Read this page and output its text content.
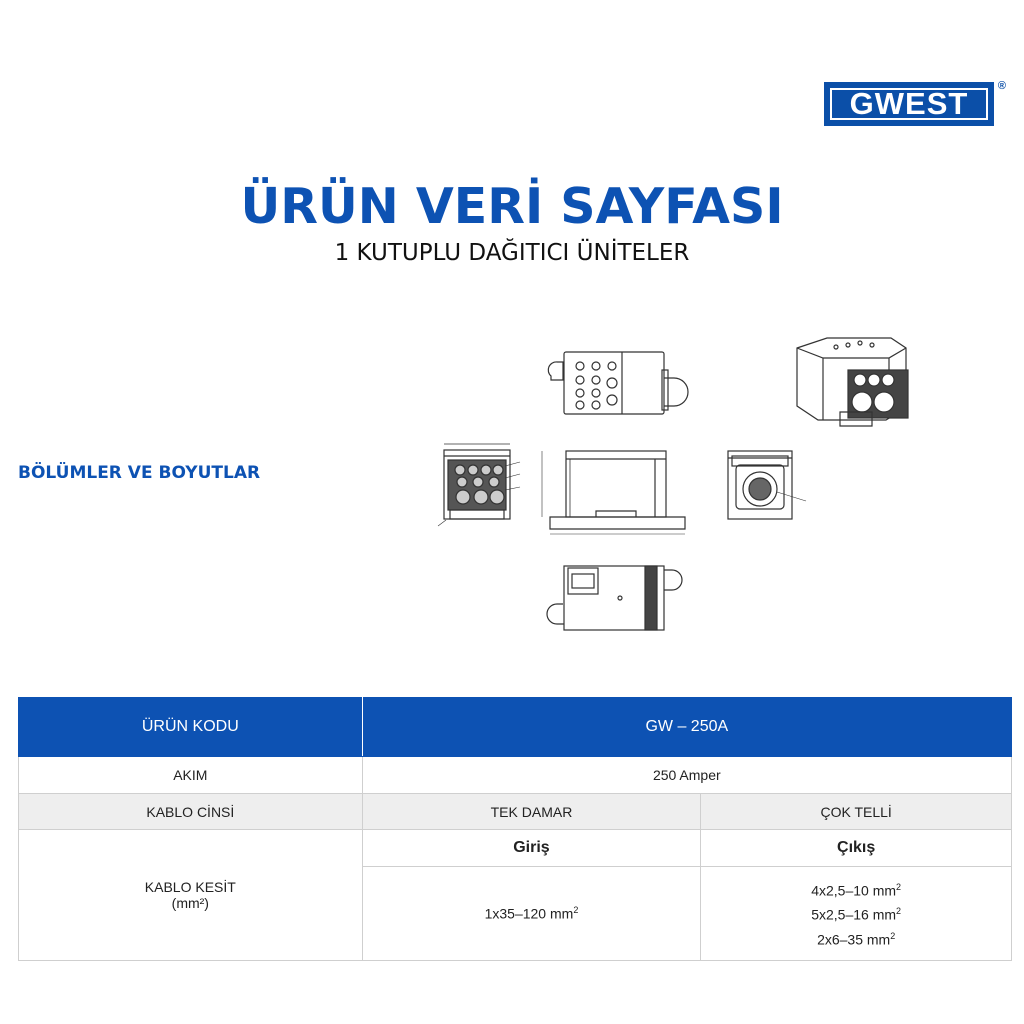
GWEST	®
ÜRÜN VERİ SAYFASI
1 KUTUPLU DAĞITICI ÜNİTELER
BÖLÜMLER VE BOYUTLAR
ÜRÜN KODU	GW – 250A	
AKIM	250 Amper	
KABLO CİNSİ	TEK DAMAR	ÇOK TELLİ

KABLO KESİT
(mm²)	Giriş	Çıkış
	1x35–120 $mm^2$	4x2,5–10 $mm^2$
5x2,5–16 $mm^2$
2x6–35 $mm^2$
